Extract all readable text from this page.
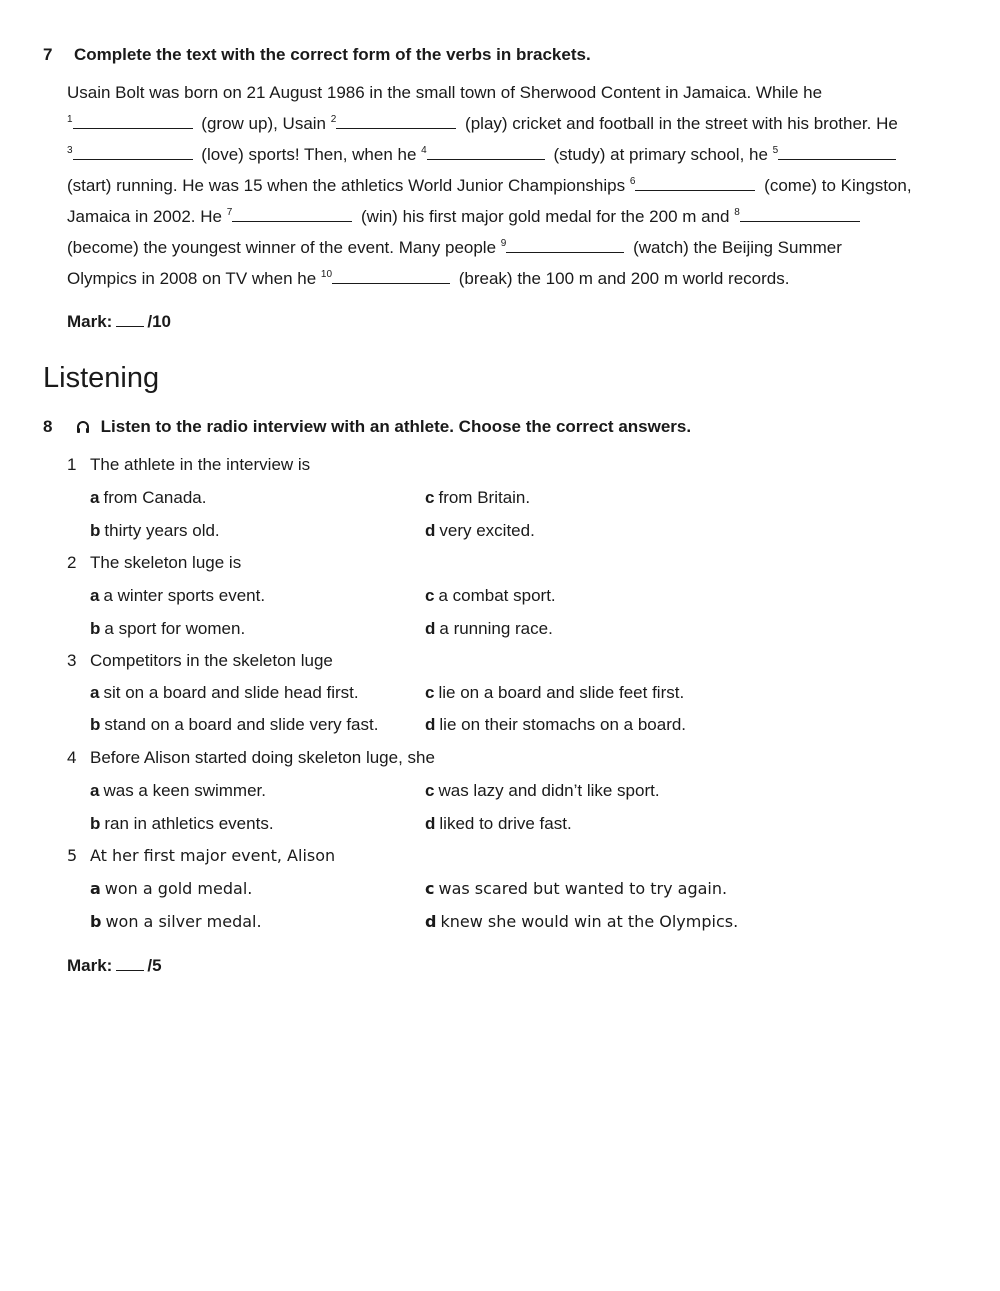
7 Complete the text with the correct form of the verbs in brackets.
Usain Bolt was born on 21 August 1986 in the small town of Sherwood Content in Jamaica. While he
$^1$	(grow up), Usain $^2$	(play) cricket and football in the street with his brother. He
$^3$	(love) sports! Then, when he $^4$	(study) at primary school, he $^5$
(start) running. He was 15 when the athletics World Junior Championships $^6$	(come) to Kingston,
Jamaica in 2002. He $^7$	(win) his first major gold medal for the 200 m and $^8$
(become) the youngest winner of the event. Many people $^9$	(watch) the Beijing Summer
Olympics in 2008 on TV when he $^{10}$	(break) the 100 m and 200 m world records.
Mark: /10
Listening
8	Listen to the radio interview with an athlete. Choose the correct answers.
1 The athlete in the interview is
a from Canada.	c from Britain.
b thirty years old.	d very excited.
2 The skeleton luge is
a a winter sports event.	c a combat sport.
b a sport for women.	d a running race.
3 Competitors in the skeleton luge
a sit on a board and slide head first.	c lie on a board and slide feet first.
b stand on a board and slide very fast.	d lie on their stomachs on a board.
4 Before Alison started doing skeleton luge, she
a was a keen swimmer.	c was lazy and didn’t like sport.
b ran in athletics events.	d liked to drive fast.
5 At her first major event, Alison
a won a gold medal.	c was scared but wanted to try again.
b won a silver medal.	d knew she would win at the Olympics.
Mark: /5
